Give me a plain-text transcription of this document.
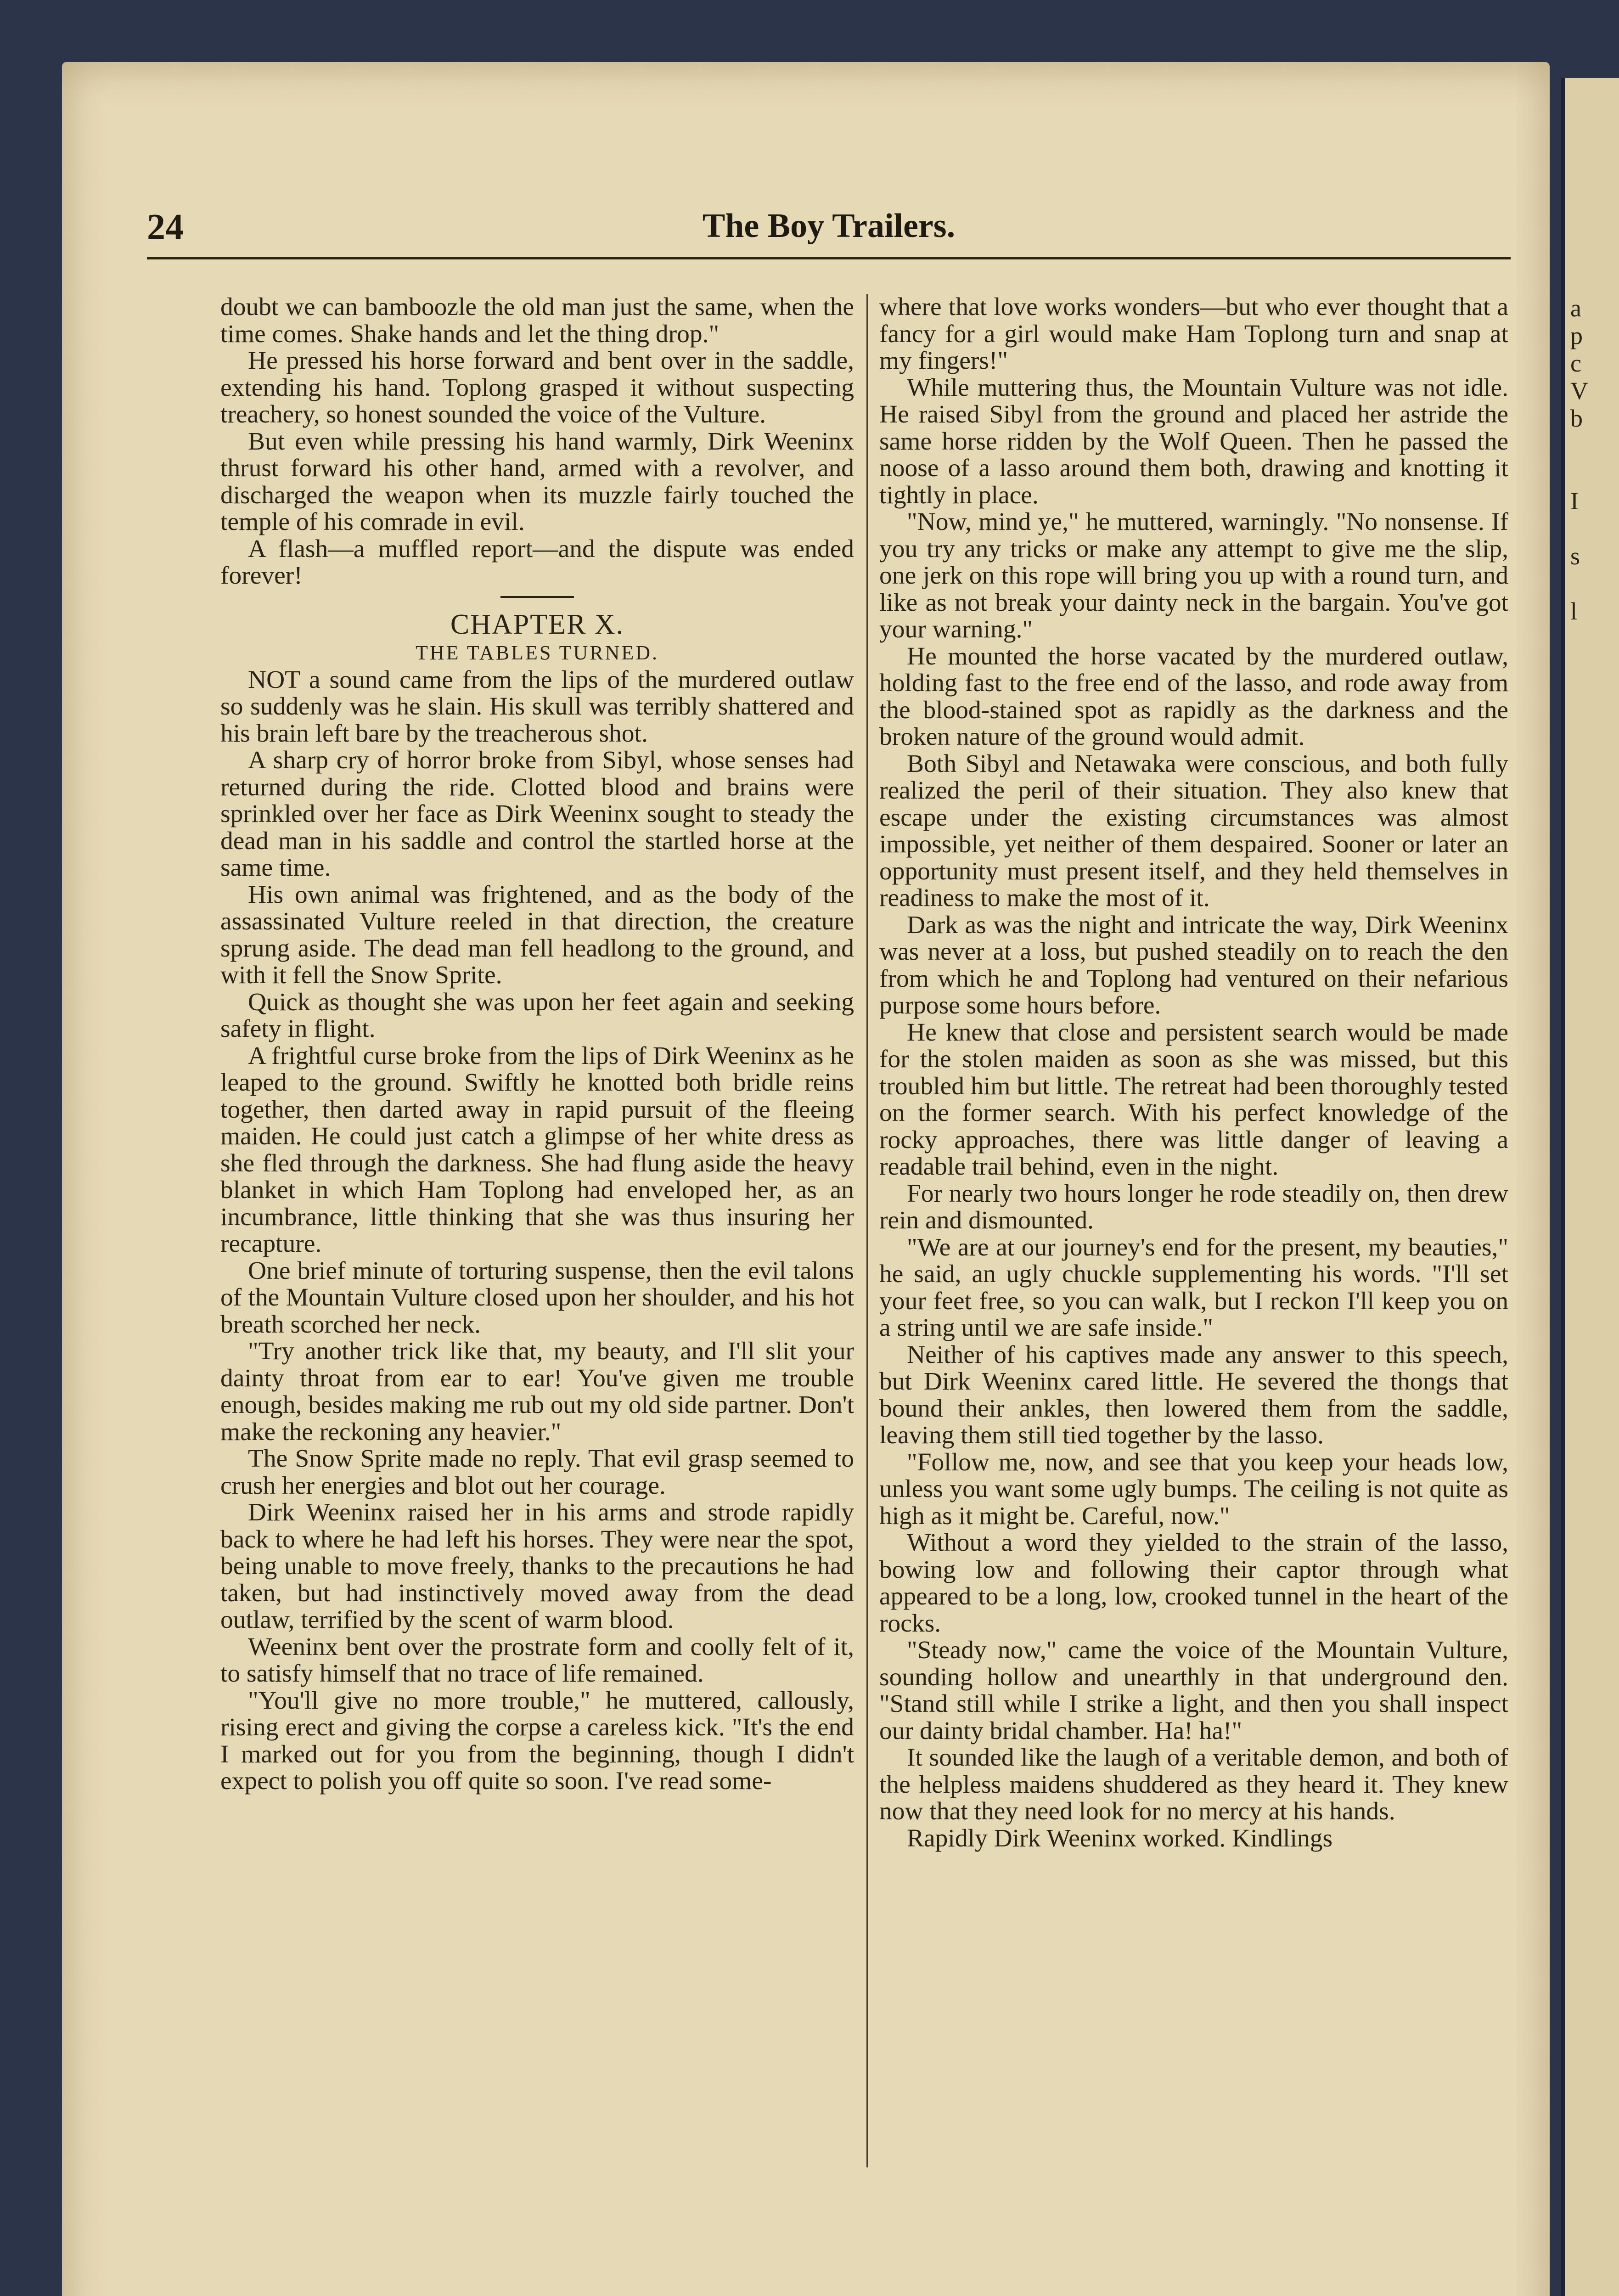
a
p
c
V
b
I
s
l
24	The Boy Trailers.

doubt we can bamboozle the old man just the same, when the time comes. Shake hands and let the thing drop."

He pressed his horse forward and bent over in the saddle, extending his hand. Toplong grasped it without suspecting treachery, so honest sounded the voice of the Vulture.

But even while pressing his hand warmly, Dirk Weeninx thrust forward his other hand, armed with a revolver, and discharged the weapon when its muzzle fairly touched the temple of his comrade in evil.

A flash—a muffled report—and the dispute was ended forever!

CHAPTER X.

THE TABLES TURNED.

NOT a sound came from the lips of the murdered outlaw so suddenly was he slain. His skull was terribly shattered and his brain left bare by the treacherous shot.

A sharp cry of horror broke from Sibyl, whose senses had returned during the ride. Clotted blood and brains were sprinkled over her face as Dirk Weeninx sought to steady the dead man in his saddle and control the startled horse at the same time.

His own animal was frightened, and as the body of the assassinated Vulture reeled in that direction, the creature sprung aside. The dead man fell headlong to the ground, and with it fell the Snow Sprite.

Quick as thought she was upon her feet again and seeking safety in flight.

A frightful curse broke from the lips of Dirk Weeninx as he leaped to the ground. Swiftly he knotted both bridle reins together, then darted away in rapid pursuit of the fleeing maiden. He could just catch a glimpse of her white dress as she fled through the darkness. She had flung aside the heavy blanket in which Ham Toplong had enveloped her, as an incumbrance, little thinking that she was thus insuring her recapture.

One brief minute of torturing suspense, then the evil talons of the Mountain Vulture closed upon her shoulder, and his hot breath scorched her neck.

"Try another trick like that, my beauty, and I'll slit your dainty throat from ear to ear! You've given me trouble enough, besides making me rub out my old side partner. Don't make the reckoning any heavier."

The Snow Sprite made no reply. That evil grasp seemed to crush her energies and blot out her courage.

Dirk Weeninx raised her in his arms and strode rapidly back to where he had left his horses. They were near the spot, being unable to move freely, thanks to the precautions he had taken, but had instinctively moved away from the dead outlaw, terrified by the scent of warm blood.

Weeninx bent over the prostrate form and coolly felt of it, to satisfy himself that no trace of life remained.

"You'll give no more trouble," he muttered, callously, rising erect and giving the corpse a careless kick. "It's the end I marked out for you from the beginning, though I didn't expect to polish you off quite so soon. I've read some-

where that love works wonders—but who ever thought that a fancy for a girl would make Ham Toplong turn and snap at my fingers!"

While muttering thus, the Mountain Vulture was not idle. He raised Sibyl from the ground and placed her astride the same horse ridden by the Wolf Queen. Then he passed the noose of a lasso around them both, drawing and knotting it tightly in place.

"Now, mind ye," he muttered, warningly. "No nonsense. If you try any tricks or make any attempt to give me the slip, one jerk on this rope will bring you up with a round turn, and like as not break your dainty neck in the bargain. You've got your warning."

He mounted the horse vacated by the murdered outlaw, holding fast to the free end of the lasso, and rode away from the blood-stained spot as rapidly as the darkness and the broken nature of the ground would admit.

Both Sibyl and Netawaka were conscious, and both fully realized the peril of their situation. They also knew that escape under the existing circumstances was almost impossible, yet neither of them despaired. Sooner or later an opportunity must present itself, and they held themselves in readiness to make the most of it.

Dark as was the night and intricate the way, Dirk Weeninx was never at a loss, but pushed steadily on to reach the den from which he and Toplong had ventured on their nefarious purpose some hours before.

He knew that close and persistent search would be made for the stolen maiden as soon as she was missed, but this troubled him but little. The retreat had been thoroughly tested on the former search. With his perfect knowledge of the rocky approaches, there was little danger of leaving a readable trail behind, even in the night.

For nearly two hours longer he rode steadily on, then drew rein and dismounted.

"We are at our journey's end for the present, my beauties," he said, an ugly chuckle supplementing his words. "I'll set your feet free, so you can walk, but I reckon I'll keep you on a string until we are safe inside."

Neither of his captives made any answer to this speech, but Dirk Weeninx cared little. He severed the thongs that bound their ankles, then lowered them from the saddle, leaving them still tied together by the lasso.

"Follow me, now, and see that you keep your heads low, unless you want some ugly bumps. The ceiling is not quite as high as it might be. Careful, now."

Without a word they yielded to the strain of the lasso, bowing low and following their captor through what appeared to be a long, low, crooked tunnel in the heart of the rocks.

"Steady now," came the voice of the Mountain Vulture, sounding hollow and unearthly in that underground den. "Stand still while I strike a light, and then you shall inspect our dainty bridal chamber. Ha! ha!"

It sounded like the laugh of a veritable demon, and both of the helpless maidens shuddered as they heard it. They knew now that they need look for no mercy at his hands.

Rapidly Dirk Weeninx worked. Kindlings
